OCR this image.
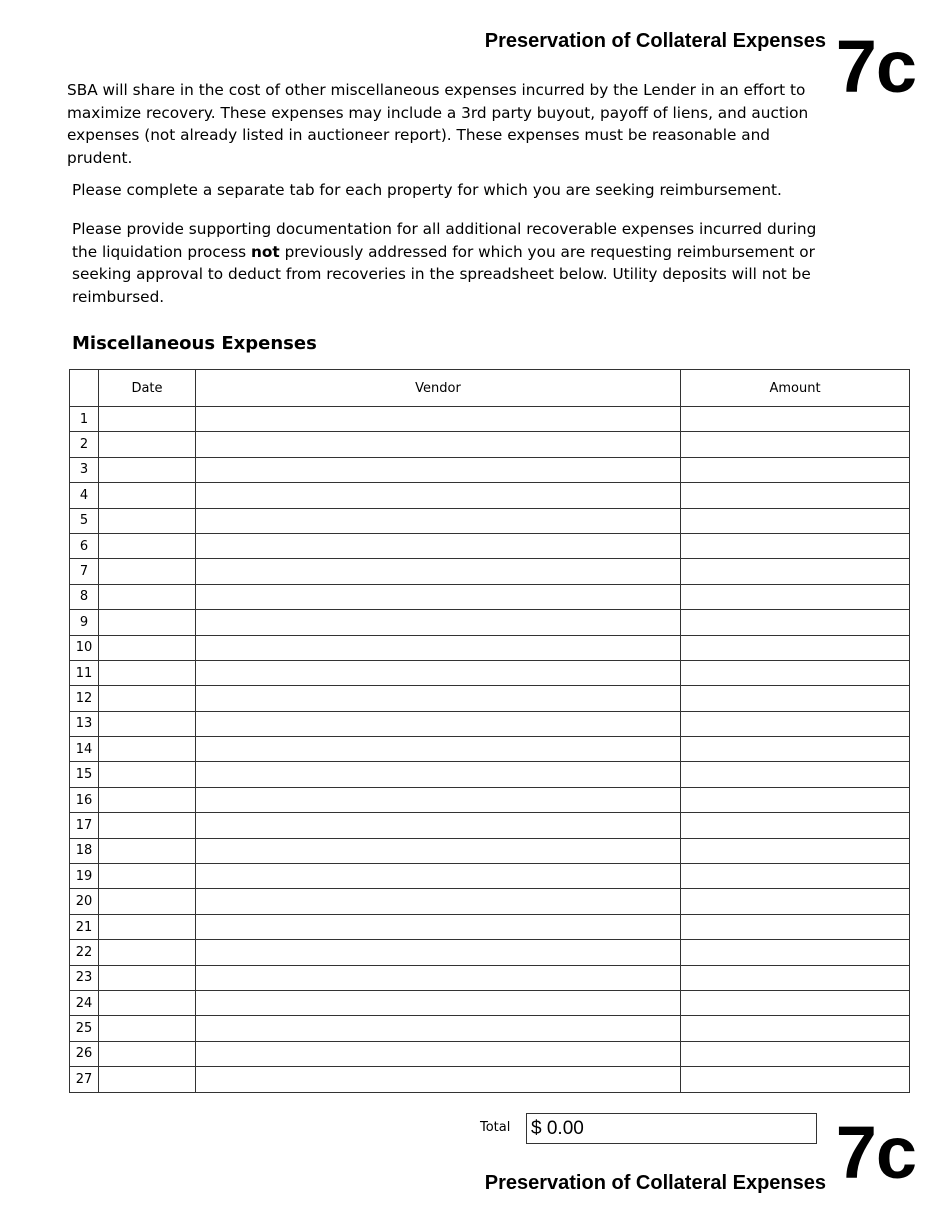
Preservation of Collateral Expenses 7c

SBA will share in the cost of other miscellaneous expenses incurred by the Lender in an effort to maximize recovery. These expenses may include a 3rd party buyout, payoff of liens, and auction expenses (not already listed in auctioneer report). These expenses must be reasonable and prudent.

Please complete a separate tab for each property for which you are seeking reimbursement.

Please provide supporting documentation for all additional recoverable expenses incurred during the liquidation process not previously addressed for which you are requesting reimbursement or seeking approval to deduct from recoveries in the spreadsheet below. Utility deposits will not be reimbursed.

Miscellaneous Expenses
	Date	Vendor	Amount
1			
2			
3			
4			
5			
6			
7			
8			
9			
10			
11			
12			
13			
14			
15			
16			
17			
18			
19			
20			
21			
22			
23			
24			
25			
26			
27			
Total $ 0.00
Preservation of Collateral Expenses 7c
